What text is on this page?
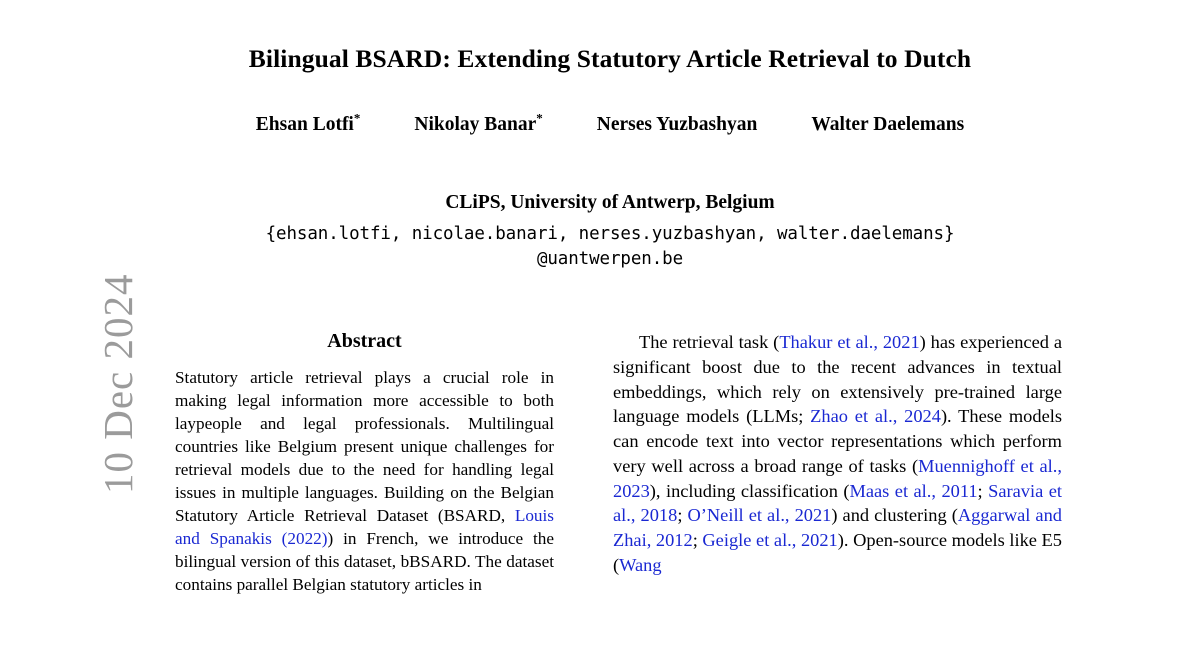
10 Dec 2024
Bilingual BSARD: Extending Statutory Article Retrieval to Dutch
Ehsan Lotfi*	Nikolay Banar*	Nerses Yuzbashyan	Walter Daelemans
CLiPS, University of Antwerp, Belgium
{ehsan.lotfi, nicolae.banari, nerses.yuzbashyan, walter.daelemans}
@uantwerpen.be
Abstract
Statutory article retrieval plays a crucial role in making legal information more accessible to both laypeople and legal professionals. Multilingual countries like Belgium present unique challenges for retrieval models due to the need for handling legal issues in multiple languages. Building on the Belgian Statutory Article Retrieval Dataset (BSARD, Louis and Spanakis (2022)) in French, we introduce the bilingual version of this dataset, bBSARD. The dataset contains parallel Belgian statutory articles in
The retrieval task (Thakur et al., 2021) has experienced a significant boost due to the recent advances in textual embeddings, which rely on extensively pre-trained large language models (LLMs; Zhao et al., 2024). These models can encode text into vector representations which perform very well across a broad range of tasks (Muennighoff et al., 2023), including classification (Maas et al., 2011; Saravia et al., 2018; O’Neill et al., 2021) and clustering (Aggarwal and Zhai, 2012; Geigle et al., 2021). Open-source models like E5 (Wang
